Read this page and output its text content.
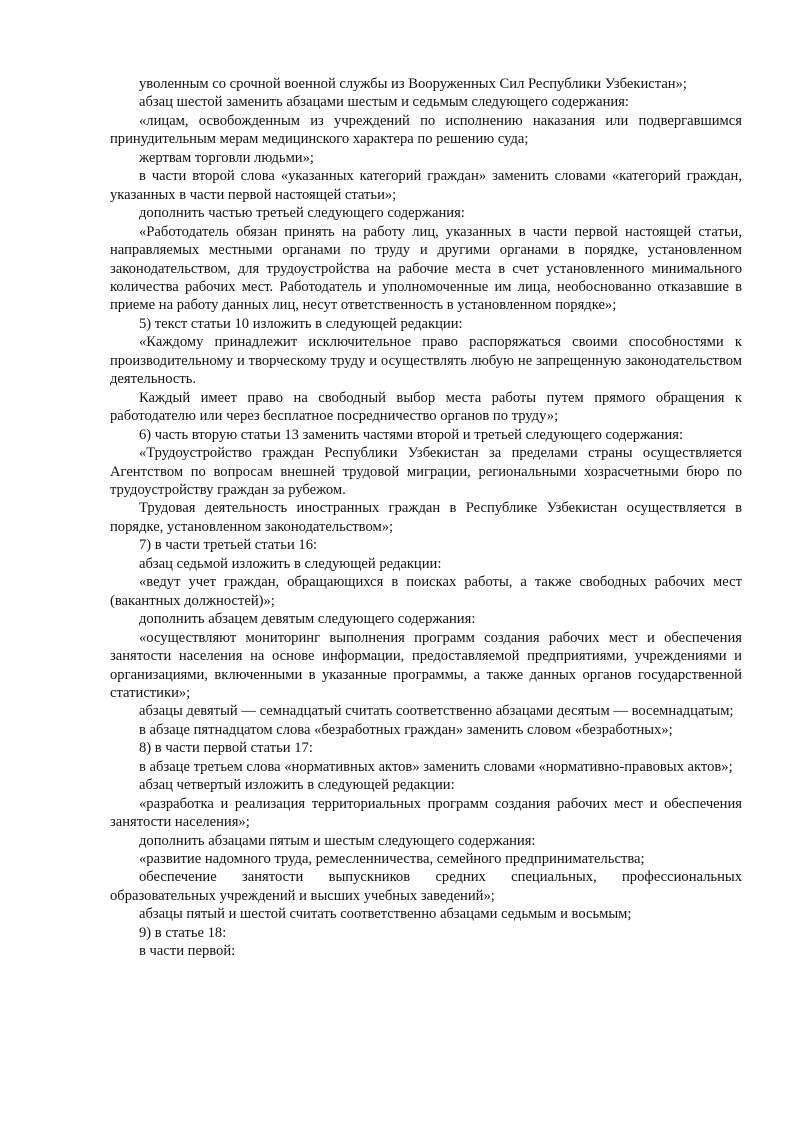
уволенным со срочной военной службы из Вооруженных Сил Республики Узбекистан»;

абзац шестой заменить абзацами шестым и седьмым следующего содержания:

«лицам, освобожденным из учреждений по исполнению наказания или подвергавшимся принудительным мерам медицинского характера по решению суда;

жертвам торговли людьми»;

в части второй слова «указанных категорий граждан» заменить словами «категорий граждан, указанных в части первой настоящей статьи»;

дополнить частью третьей следующего содержания:

«Работодатель обязан принять на работу лиц, указанных в части первой настоящей статьи, направляемых местными органами по труду и другими органами в порядке, установленном законодательством, для трудоустройства на рабочие места в счет установленного минимального количества рабочих мест. Работодатель и уполномоченные им лица, необоснованно отказавшие в приеме на работу данных лиц, несут ответственность в установленном порядке»;

5) текст статьи 10 изложить в следующей редакции:

«Каждому принадлежит исключительное право распоряжаться своими способностями к производительному и творческому труду и осуществлять любую не запрещенную законодательством деятельность.

Каждый имеет право на свободный выбор места работы путем прямого обращения к работодателю или через бесплатное посредничество органов по труду»;

6) часть вторую статьи 13 заменить частями второй и третьей следующего содержания:

«Трудоустройство граждан Республики Узбекистан за пределами страны осуществляется Агентством по вопросам внешней трудовой миграции, региональными хозрасчетными бюро по трудоустройству граждан за рубежом.

Трудовая деятельность иностранных граждан в Республике Узбекистан осуществляется в порядке, установленном законодательством»;

7) в части третьей статьи 16:

абзац седьмой изложить в следующей редакции:

«ведут учет граждан, обращающихся в поисках работы, а также свободных рабочих мест (вакантных должностей)»;

дополнить абзацем девятым следующего содержания:

«осуществляют мониторинг выполнения программ создания рабочих мест и обеспечения занятости населения на основе информации, предоставляемой предприятиями, учреждениями и организациями, включенными в указанные программы, а также данных органов государственной статистики»;

абзацы девятый — семнадцатый считать соответственно абзацами десятым — восемнадцатым;

в абзаце пятнадцатом слова «безработных граждан» заменить словом «безработных»;

8) в части первой статьи 17:

в абзаце третьем слова «нормативных актов» заменить словами «нормативно-правовых актов»;

абзац четвертый изложить в следующей редакции:

«разработка и реализация территориальных программ создания рабочих мест и обеспечения занятости населения»;

дополнить абзацами пятым и шестым следующего содержания:

«развитие надомного труда, ремесленничества, семейного предпринимательства;

обеспечение занятости выпускников средних специальных, профессиональных образовательных учреждений и высших учебных заведений»;

абзацы пятый и шестой считать соответственно абзацами седьмым и восьмым;

9) в статье 18:

в части первой:
